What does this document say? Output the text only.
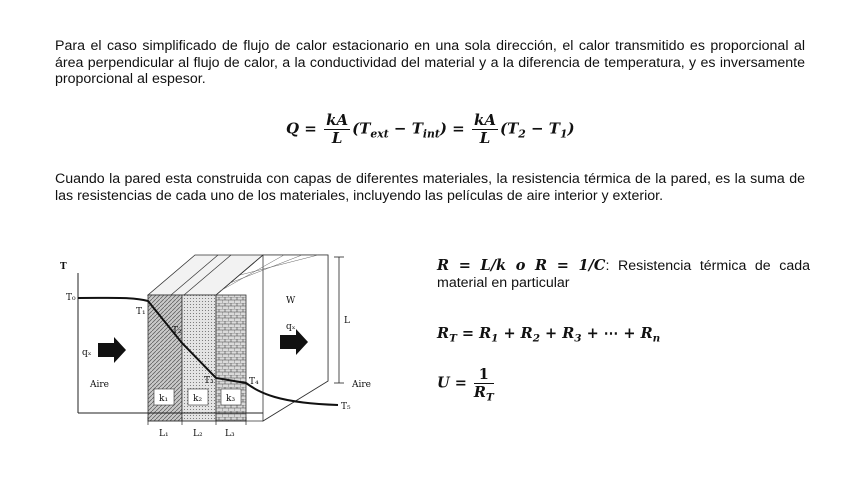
Para el caso simplificado de flujo de calor estacionario en una sola dirección, el calor transmitido es proporcional al área perpendicular al flujo de calor, a la conductividad del material y a la diferencia de temperatura, y es inversamente proporcional al espesor.

$Q = \frac{kA}{L} (T_{ext} - T_{int}) = \frac{kA}{L} (T_2 - T_1)$

Cuando la pared esta construida con capas de diferentes materiales, la resistencia térmica de la pared, es la suma de las resistencias de cada uno de los materiales, incluyendo las películas de aire interior y exterior.

T
T₀
T₁
T₂
T₃	T₄
T₅
qₓ
qₓ
Aire	Aire
W
L
k₁	k₂	k₃
L₁	L₂ L₃
R = L/k o R = 1/C: Resistencia térmica de cada material en particular
$R_T = R_1 + R_2 + R_3$ + ⋯ + $R_n$
$U = \frac{1}{R_T}$
